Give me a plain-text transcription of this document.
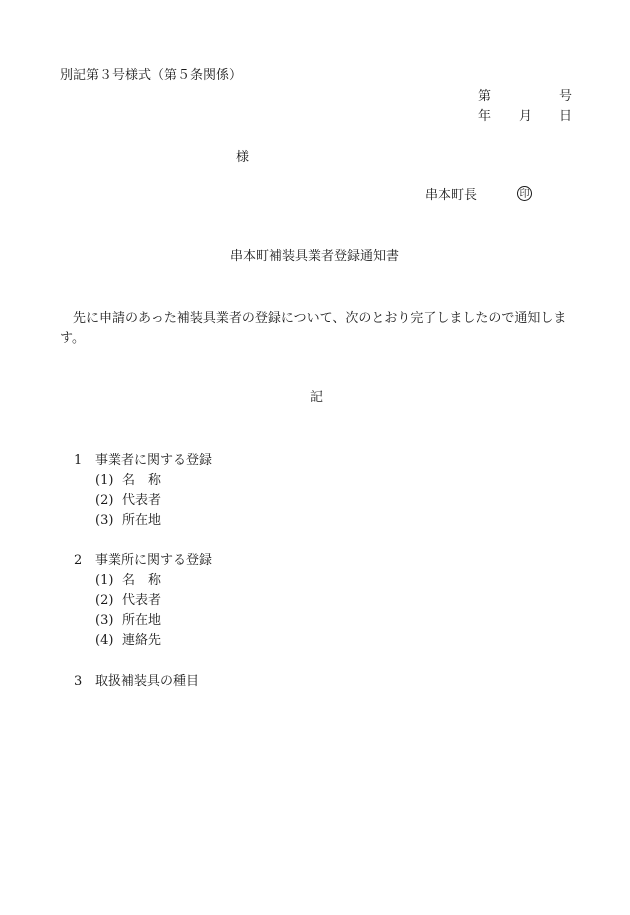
別記第３号様式（第５条関係）
第	号
年 月 日
様
串本町長	印
串本町補装具業者登録通知書
先に申請のあった補装具業者の登録について、次のとおり完了しましたので通知します。
記
1 事業者に関する登録
(1) 名　称
(2) 代表者
(3) 所在地
2 事業所に関する登録
(1) 名　称
(2) 代表者
(3) 所在地
(4) 連絡先
3 取扱補装具の種目
